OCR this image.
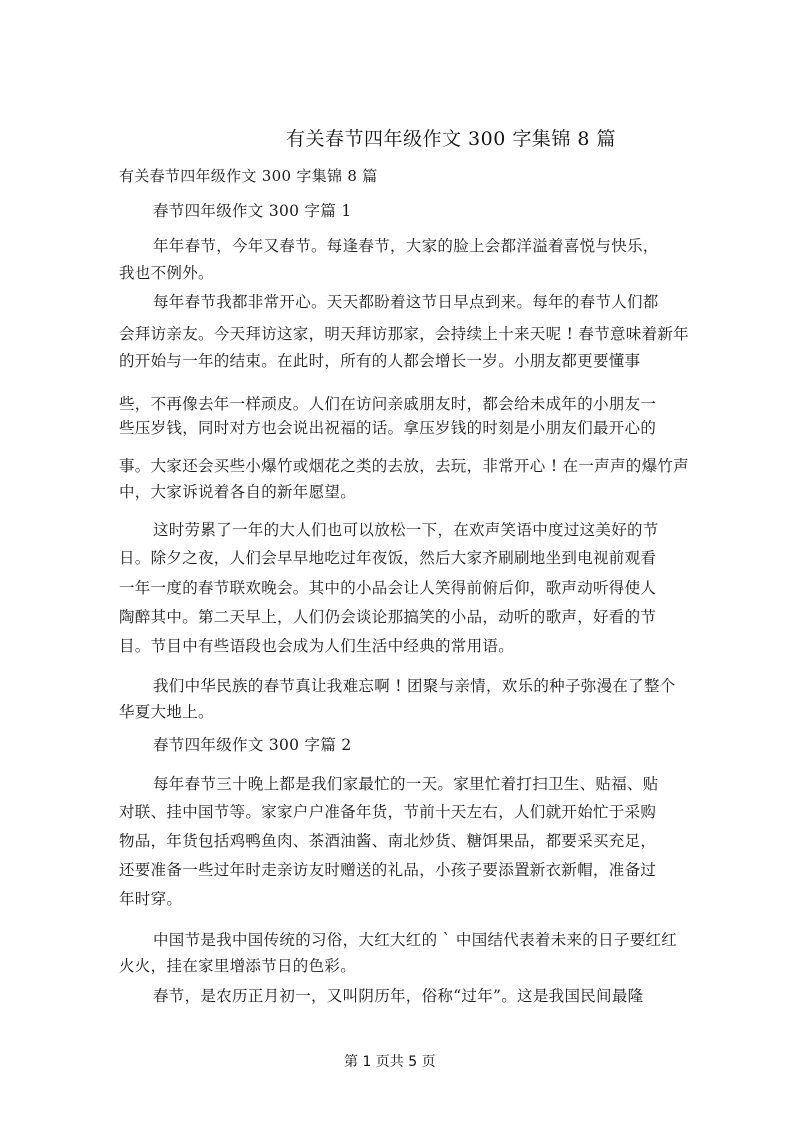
有关春节四年级作文 300 字集锦 8 篇
有关春节四年级作文 300 字集锦 8 篇
春节四年级作文 300 字篇 1
年年春节，今年又春节。每逢春节，大家的脸上会都洋溢着喜悦与快乐，
我也不例外。
每年春节我都非常开心。天天都盼着这节日早点到来。每年的春节人们都
会拜访亲友。今天拜访这家，明天拜访那家，会持续上十来天呢 ! 春节意味着新年
的开始与一年的结束。在此时，所有的人都会增长一岁。小朋友都更要懂事
些，不再像去年一样顽皮。人们在访问亲戚朋友时，都会给未成年的小朋友一
些压岁钱，同时对方也会说出祝福的话。拿压岁钱的时刻是小朋友们最开心的
事。大家还会买些小爆竹或烟花之类的去放，去玩，非常开心 ! 在一声声的爆竹声
中，大家诉说着各自的新年愿望。
这时劳累了一年的大人们也可以放松一下，在欢声笑语中度过这美好的节
日。除夕之夜，人们会早早地吃过年夜饭，然后大家齐刷刷地坐到电视前观看
一年一度的春节联欢晚会。其中的小品会让人笑得前俯后仰，歌声动听得使人
陶醉其中。第二天早上，人们仍会谈论那搞笑的小品，动听的歌声，好看的节
目。节目中有些语段也会成为人们生活中经典的常用语。
我们中华民族的春节真让我难忘啊 ! 团聚与亲情，欢乐的种子弥漫在了整个
华夏大地上。
春节四年级作文 300 字篇 2
每年春节三十晚上都是我们家最忙的一天。家里忙着打扫卫生、贴福、贴
对联、挂中国节等。家家户户准备年货，节前十天左右，人们就开始忙于采购
物品，年货包括鸡鸭鱼肉、茶酒油酱、南北炒货、糖饵果品，都要采买充足，
还要准备一些过年时走亲访友时赠送的礼品，小孩子要添置新衣新帽，准备过
年时穿。
中国节是我中国传统的习俗，大红大红的 ` 中国结代表着未来的日子要红红
火火，挂在家里增添节日的色彩。
春节，是农历正月初一，又叫阴历年，俗称“过年”。这是我国民间最隆
第 1 页共 5 页
